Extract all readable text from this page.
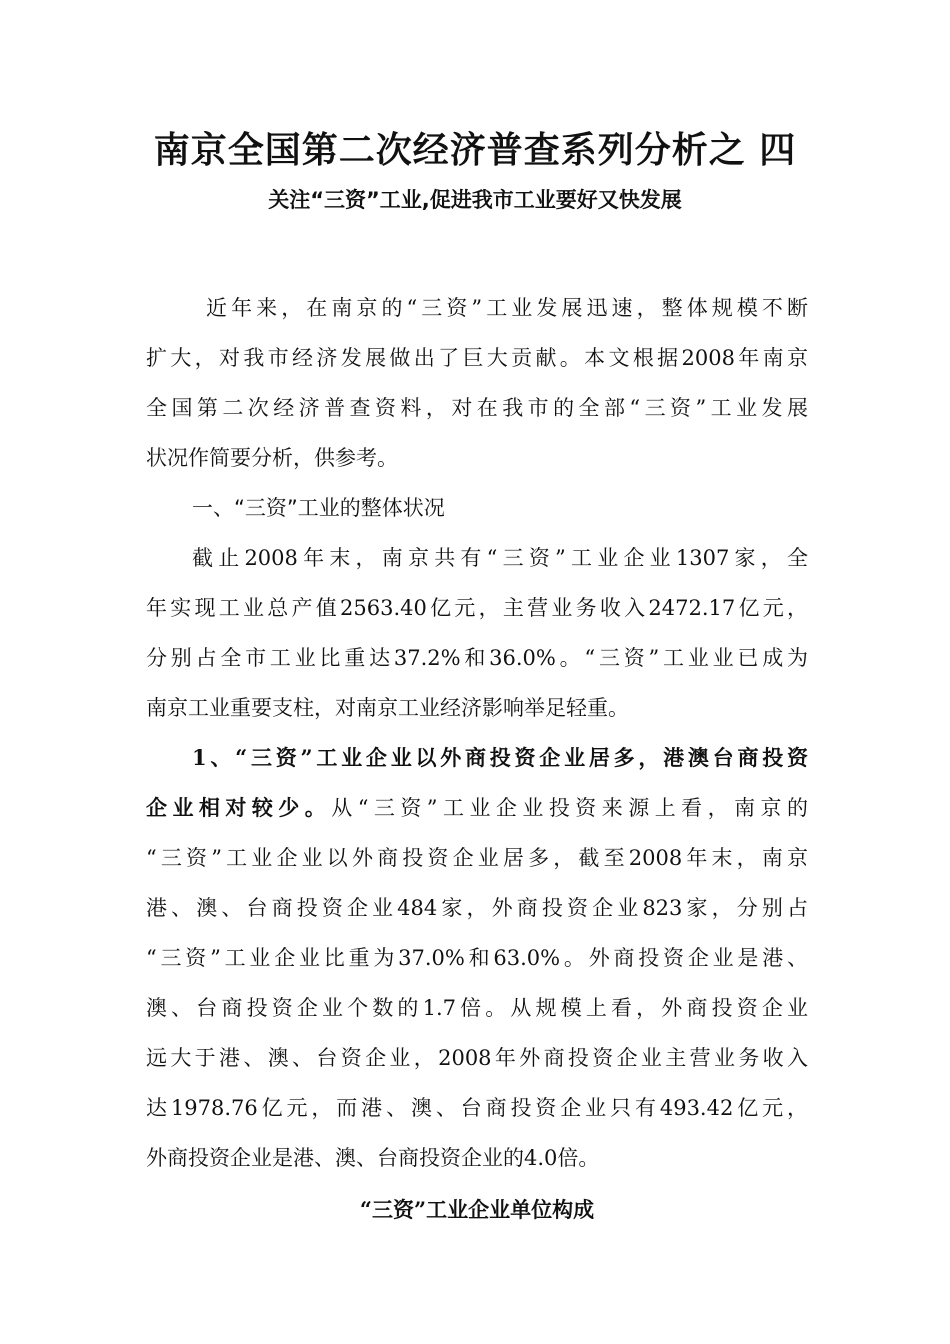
南京全国第二次经济普查系列分析之 四
关注“三资”工业,促进我市工业要好又快发展
近年来，在南京的“三资”工业发展迅速，整体规模不断
扩大，对我市经济发展做出了巨大贡献。本文根据2008年南京
全国第二次经济普查资料，对在我市的全部“三资”工业发展
状况作简要分析，供参考。
一、“三资”工业的整体状况
截止2008年末，南京共有“三资”工业企业1307家，全
年实现工业总产值2563.40亿元，主营业务收入2472.17亿元，
分别占全市工业比重达37.2%和36.0%。“三资”工业业已成为
南京工业重要支柱，对南京工业经济影响举足轻重。
1、“三资”工业企业以外商投资企业居多，港澳台商投资
企业相对较少。从“三资”工业企业投资来源上看，南京的
“三资”工业企业以外商投资企业居多，截至2008年末，南京
港、澳、台商投资企业484家，外商投资企业823家，分别占
“三资”工业企业比重为37.0%和63.0%。外商投资企业是港、
澳、台商投资企业个数的1.7倍。从规模上看，外商投资企业
远大于港、澳、台资企业，2008年外商投资企业主营业务收入
达1978.76亿元，而港、澳、台商投资企业只有493.42亿元，
外商投资企业是港、澳、台商投资企业的4.0倍。
“三资”工业企业单位构成
